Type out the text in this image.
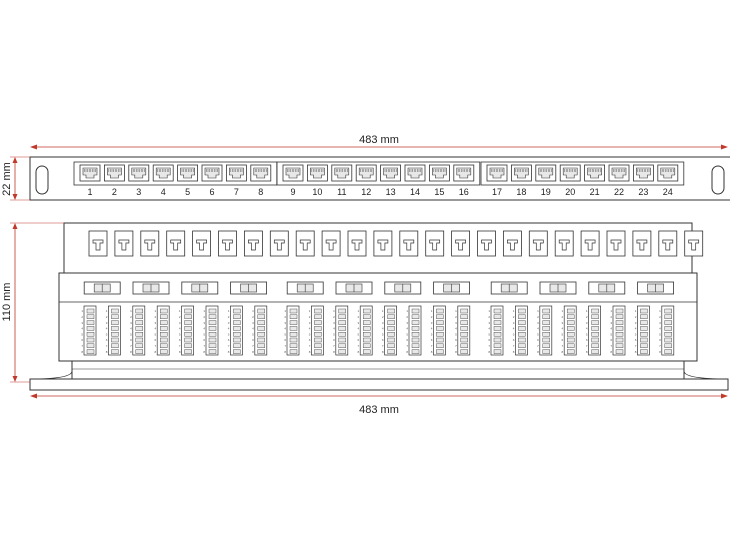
1 2 3 4 5 6 7 8	9 10 11 12 13 14 15 16	17 18 19 20 21 22 23 24
483 mm
22 mm
1
2
3
4
5
6
7
8
1
2
3
4
5
6
7
8
1
2
3
4
5
6
7
8
1
2
3
4
5
6
7
8
1
2
3
4
5
6
7
8
1
2
3
4
5
6
7
8
1
2
3
4
5
6
7
8
1
2
3
4
5
6
7
8
1
2
3
4
5
6
7
8
1
2
3
4
5
6
7
8
1
2
3
4
5
6
7
8
1
2
3
4
5
6
7
8
1
2
3
4
5
6
7
8
1
2
3
4
5
6
7
8
1
2
3
4
5
6
7
8
1
2
3
4
5
6
7
8
1
2
3
4
5
6
7
8
1
2
3
4
5
6
7
8
1
2
3
4
5
6
7
8
1
2
3
4
5
6
7
8
1
2
3
4
5
6
7
8
1
2
3
4
5
6
7
8
1
2
3
4
5
6
7
8
1
2
3
4
5
6
7
8
110 mm
483 mm
